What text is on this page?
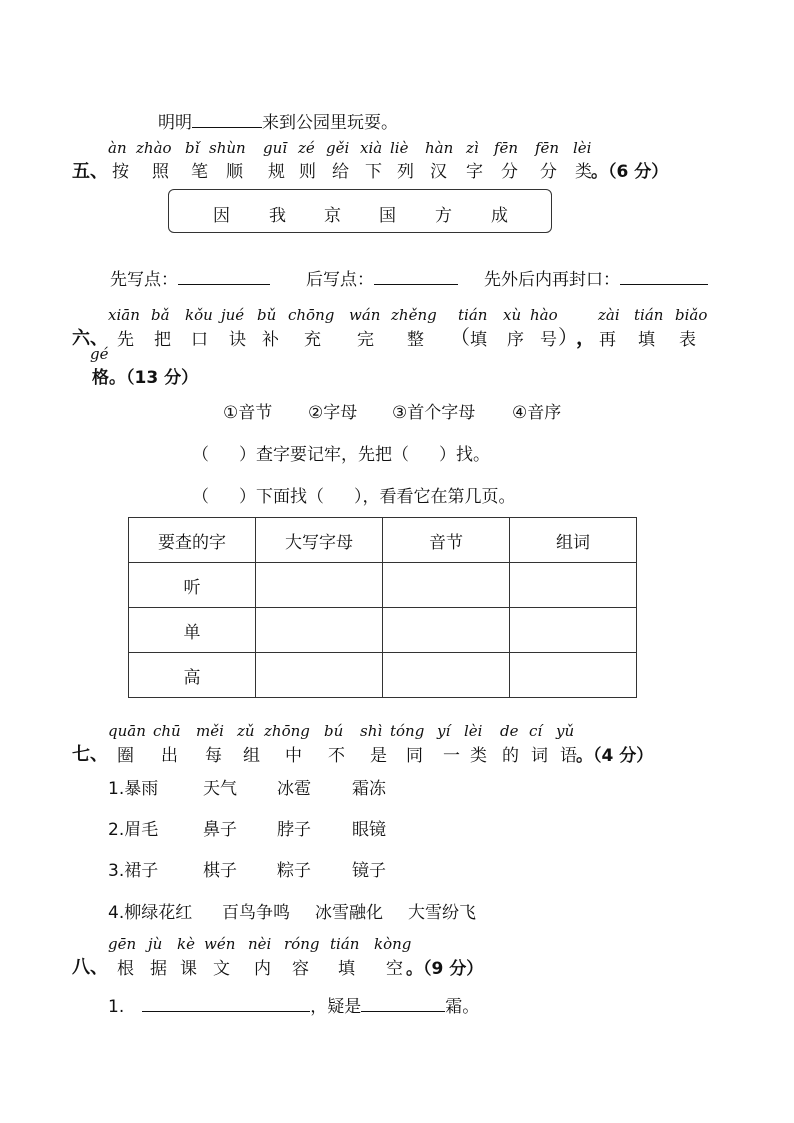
明明	来到公园里玩耍。
àn zhào bǐ shùn guī zé gěi xià liè hàn zì fēn fēn lèi
五、 按 照 笔 顺 规 则 给 下 列 汉 字 分 分 类 。（6 分）
因 我 京 国 方 成
先写点：	后写点：	先外后内再封口：
xiān bǎ kǒu jué bǔ chōng wán zhěng tián xù hào	zài tián biǎo
六、 先 把 口 诀 补 充 完 整 （ 填 序 号 ）
， 再 填 表
gé
格。（13 分）
①音节 ②字母 ③首个字母 ④音序
（ ）查字要记牢，先把（ ）找。
（ ）下面找（ ），看看它在第几页。
要查的字	大写字母	音节	组词
听			
单			
高			
quān chū měi zǔ zhōng bú shì tóng yí lèi de cí yǔ
七、 圈 出 每 组 中 不 是 同 一 类 的 词 语 。（4 分）
1.暴雨	天气 冰雹 霜冻
2.眉毛	鼻子 脖子 眼镜
3.裙子	棋子 粽子 镜子
4.柳绿花红 百鸟争鸣 冰雪融化 大雪纷飞
gēn jù kè wén nèi róng tián kòng
八、 根 据 课 文 内 容 填 空 。（9 分）
1.	，疑是	霜。
